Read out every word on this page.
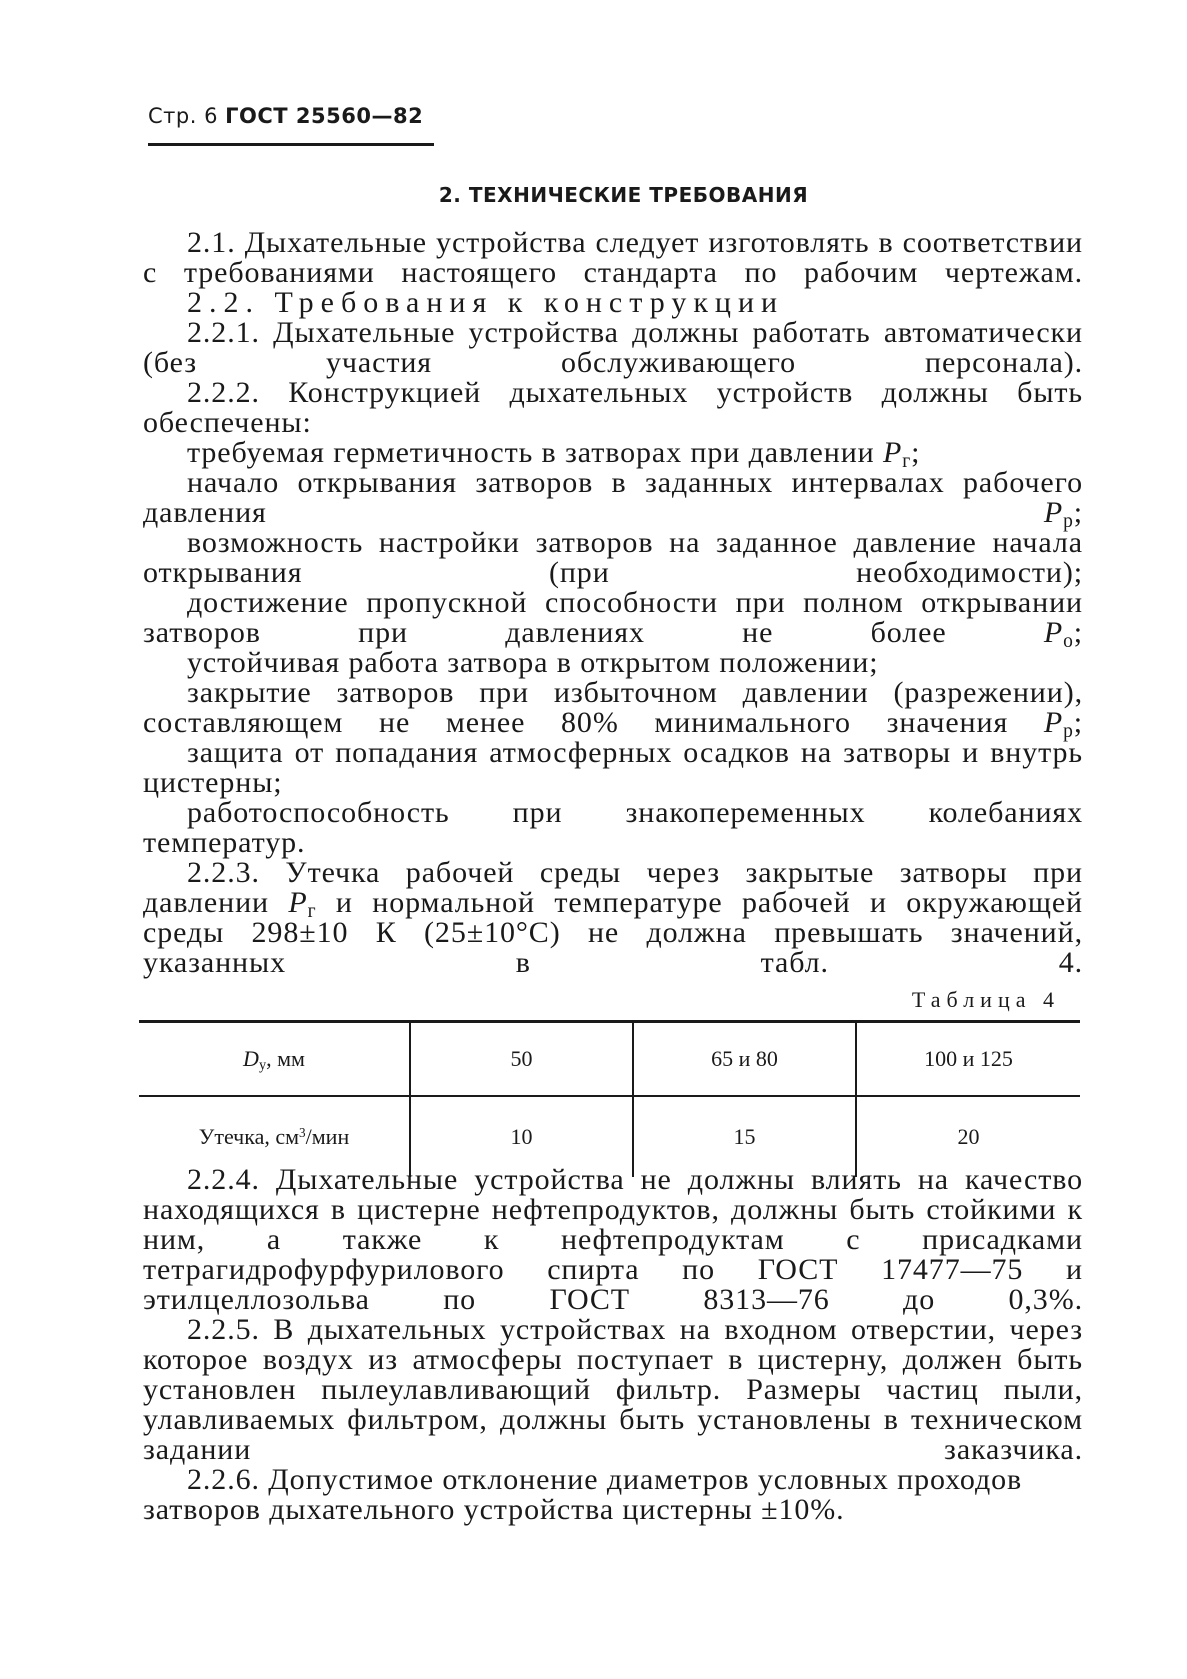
Стр. 6 ГОСТ 25560—82
2. ТЕХНИЧЕСКИЕ ТРЕБОВАНИЯ

2.1. Дыхательные устройства следует изготовлять в соответствии с требованиями настоящего стандарта по рабочим чертежам.

2.2. Требования к конструкции

2.2.1. Дыхательные устройства должны работать автоматически (без участия обслуживающего персонала).

2.2.2. Конструкцией дыхательных устройств должны быть обеспечены:

требуемая герметичность в затворах при давлении $P_г$;

начало открывания затворов в заданных интервалах рабочего давления	$P_р$;

возможность настройки затворов на заданное давление начала открывания (при необходимости);

достижение пропускной способности при полном открывании затворов при давлениях не более	$P_о$;

устойчивая работа затвора в открытом положении;

закрытие затворов при избыточном давлении (разрежении), составляющем не менее 80% минимального значения $P_р$;

защита от попадания атмосферных осадков на затворы и внутрь цистерны;

работоспособность при знакопеременных колебаниях температур.

2.2.3. Утечка рабочей среды через закрытые затворы при давлении $P_г$ и нормальной температуре рабочей и окружающей среды 298±10 К (25±10°С) не должна превышать значений, указанных в табл. 4.

Таблица 4
$D_у$, мм	50	65 и 80	100 и 125
Утечка, $см^3$/мин	10	15	20

2.2.4. Дыхательные устройства не должны влиять на качество находящихся в цистерне нефтепродуктов, должны быть стойкими к ним, а также к нефтепродуктам с присадками тетрагидрофурфурилового спирта по ГОСТ 17477—75 и этилцеллозольва по ГОСТ 8313—76 до 0,3%.

2.2.5. В дыхательных устройствах на входном отверстии, через которое воздух из атмосферы поступает в цистерну, должен быть установлен пылеулавливающий фильтр. Размеры частиц пыли, улавливаемых фильтром, должны быть установлены в техническом задании заказчика.

2.2.6. Допустимое отклонение диаметров условных проходов затворов дыхательного устройства цистерны ±10%.
